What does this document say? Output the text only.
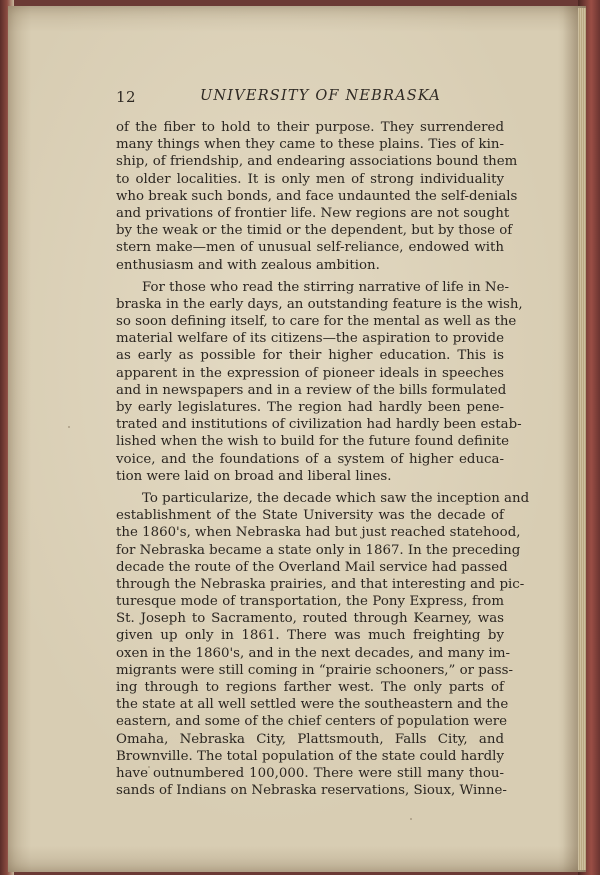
12	UNIVERSITY OF NEBRASKA
of the fiber to hold to their purpose. They surrendered
many things when they came to these plains. Ties of kin-
ship, of friendship, and endearing associations bound them
to older localities. It is only men of strong individuality
who break such bonds, and face undaunted the self-denials
and privations of frontier life. New regions are not sought
by the weak or the timid or the dependent, but by those of
stern make—men of unusual self-reliance, endowed with
enthusiasm and with zealous ambition.
For those who read the stirring narrative of life in Ne-
braska in the early days, an outstanding feature is the wish,
so soon defining itself, to care for the mental as well as the
material welfare of its citizens—the aspiration to provide
as early as possible for their higher education. This is
apparent in the expression of pioneer ideals in speeches
and in newspapers and in a review of the bills formulated
by early legislatures. The region had hardly been pene-
trated and institutions of civilization had hardly been estab-
lished when the wish to build for the future found definite
voice, and the foundations of a system of higher educa-
tion were laid on broad and liberal lines.
To particularize, the decade which saw the inception and
establishment of the State University was the decade of
the 1860's, when Nebraska had but just reached statehood,
for Nebraska became a state only in 1867. In the preceding
decade the route of the Overland Mail service had passed
through the Nebraska prairies, and that interesting and pic-
turesque mode of transportation, the Pony Express, from
St. Joseph to Sacramento, routed through Kearney, was
given up only in 1861. There was much freighting by
oxen in the 1860's, and in the next decades, and many im-
migrants were still coming in “prairie schooners,” or pass-
ing through to regions farther west. The only parts of
the state at all well settled were the southeastern and the
eastern, and some of the chief centers of population were
Omaha, Nebraska City, Plattsmouth, Falls City, and
Brownville. The total population of the state could hardly
have outnumbered 100,000. There were still many thou-
sands of Indians on Nebraska reservations, Sioux, Winne-
